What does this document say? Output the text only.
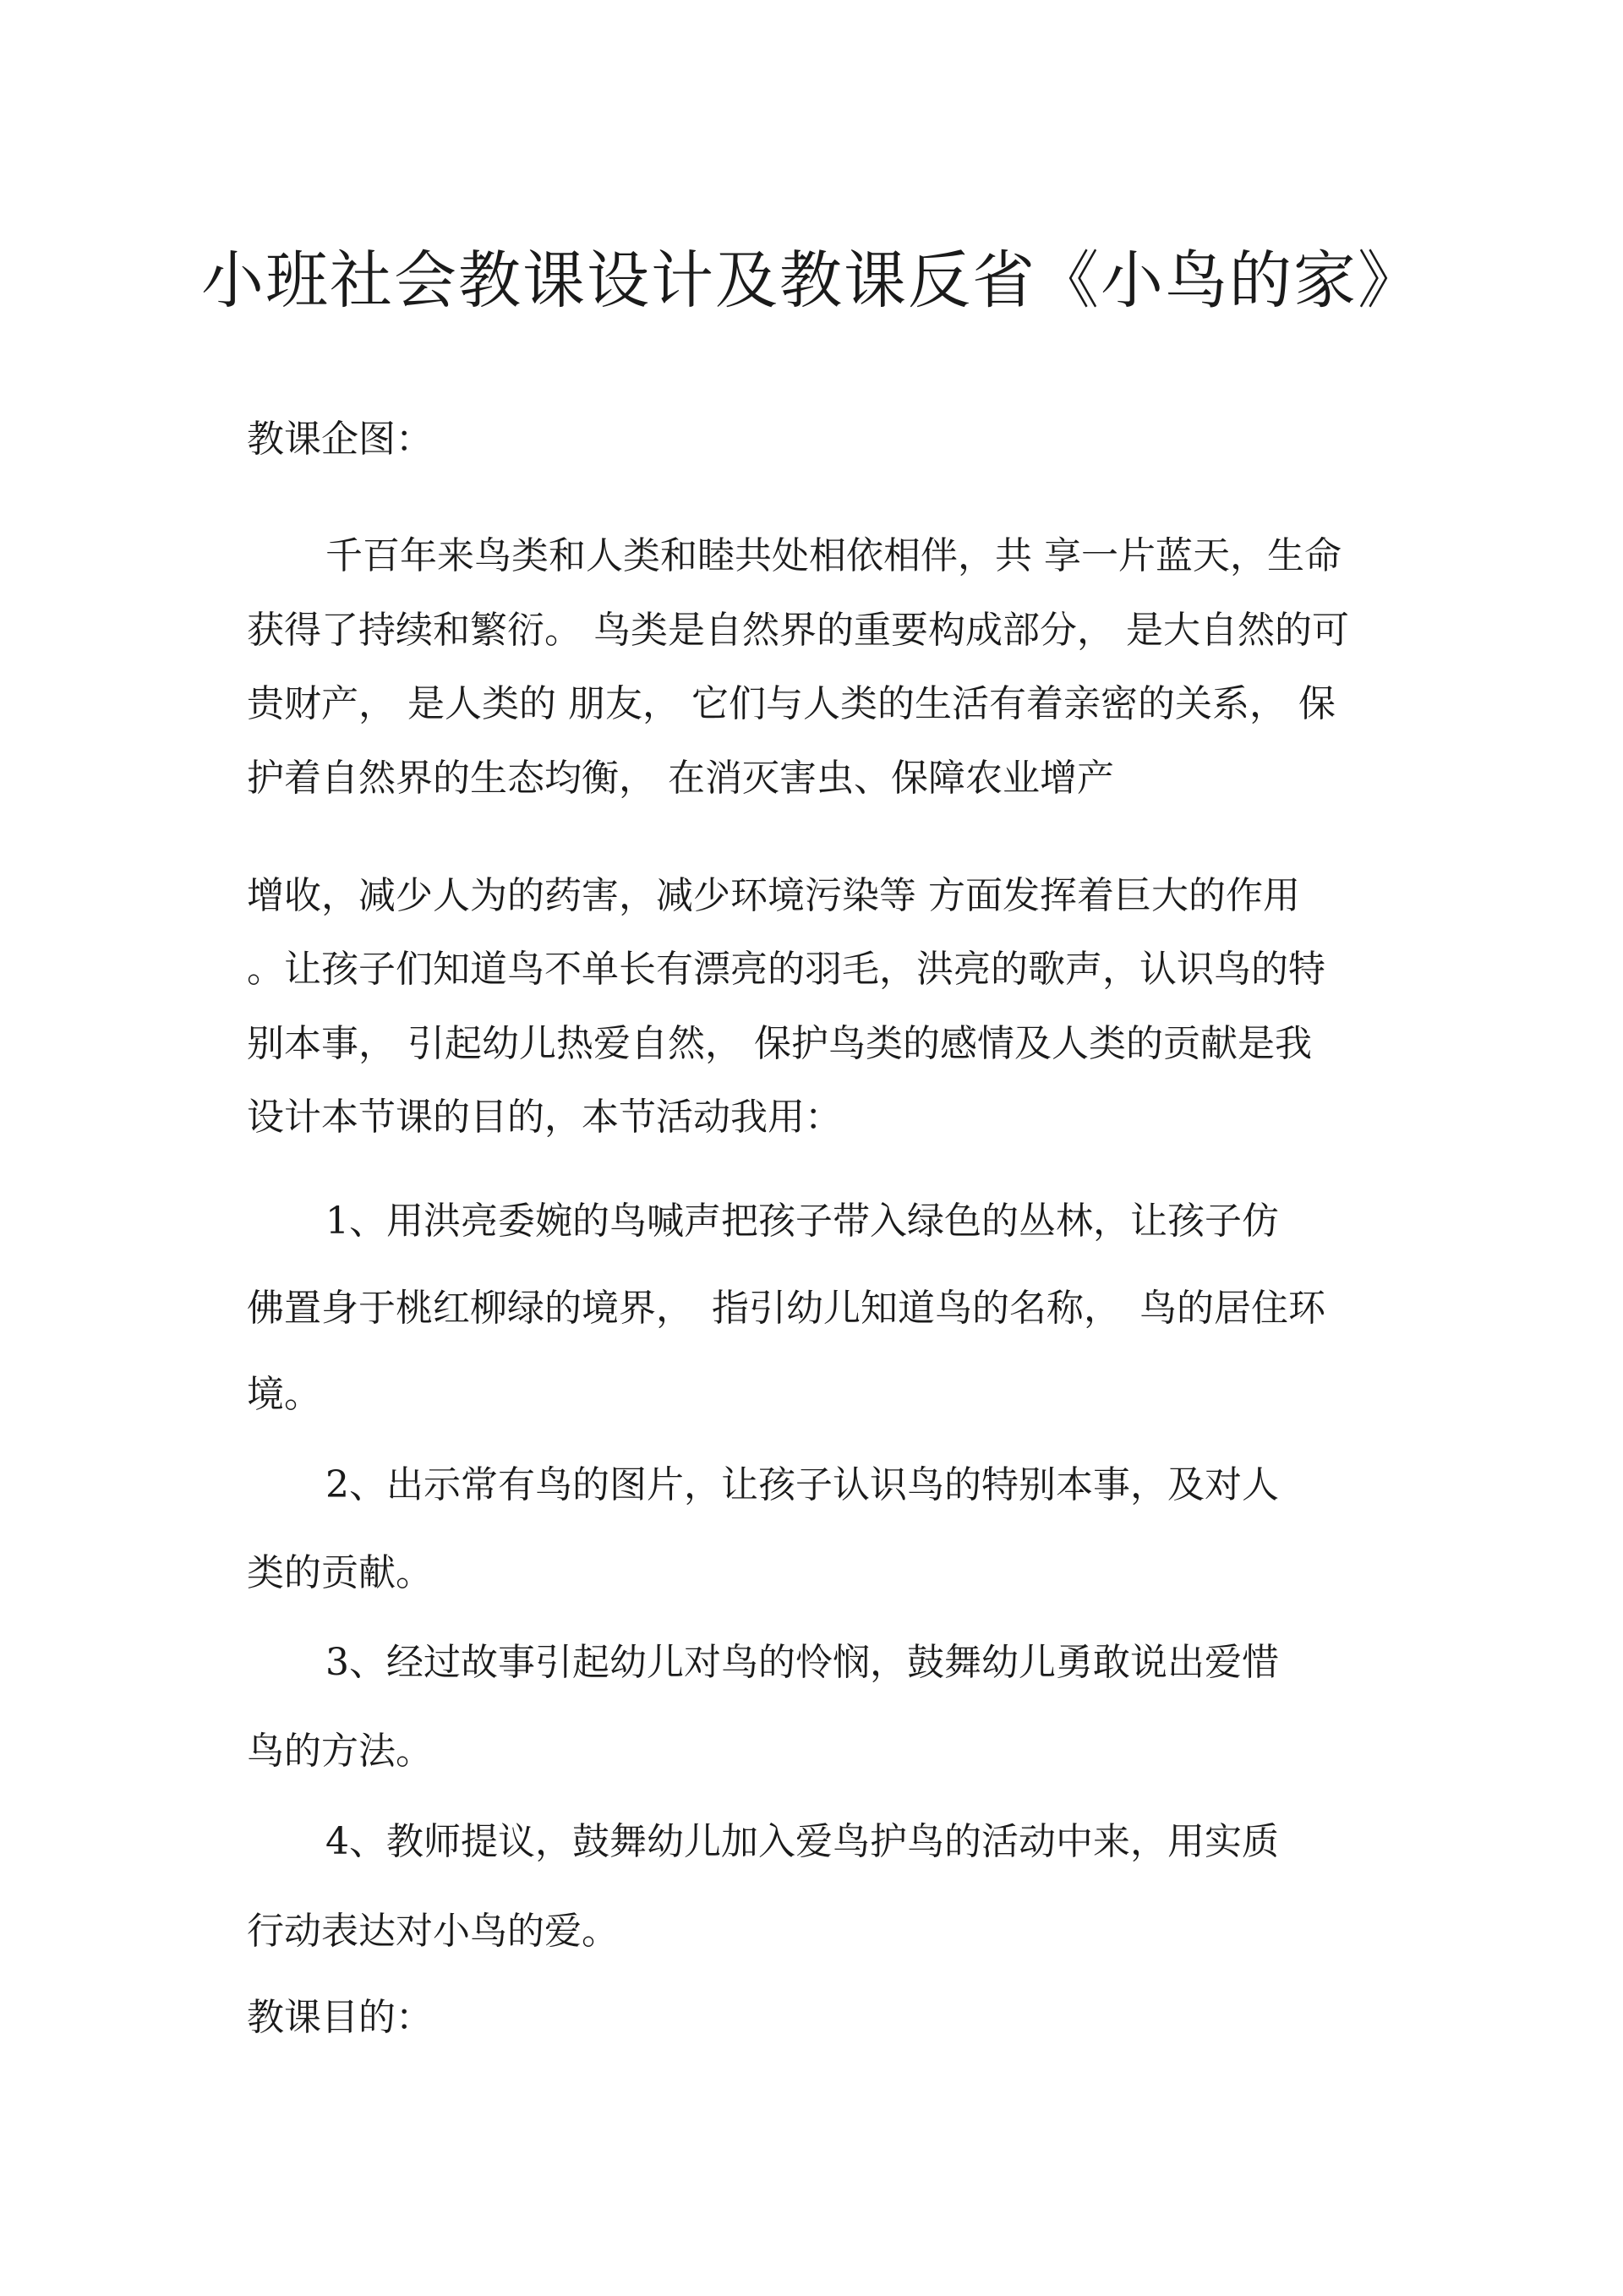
小班社会教课设计及教课反省《小鸟的家》
教课企图：
千百年来鸟类和人类和睦共处相依相伴，共 享一片蓝天，生命
获得了持续和繁衍。 鸟类是自然界的重要构成部分， 是大自然的可
贵财产， 是人类的 朋友， 它们与人类的生活有着亲密的关系， 保
护着自然界的生态均衡， 在消灭害虫、保障农业增产
增收，减少人为的药害，减少环境污染等 方面发挥着巨大的作用
。让孩子们知道鸟不单长有漂亮的羽毛，洪亮的歌声，认识鸟的特
别本事， 引起幼儿热爱自然， 保护鸟类的感情及人类的贡献是我
设计本节课的目的，本节活动我用：
1、用洪亮委婉的鸟喊声把孩子带入绿色的丛林，让孩子仿
佛置身于桃红柳绿的境界，　指引幼儿知道鸟的名称，　鸟的居住环
境。
2、出示常有鸟的图片，让孩子认识鸟的特别本事，及对人
类的贡献。
3、经过故事引起幼儿对鸟的怜悯，鼓舞幼儿勇敢说出爱惜
鸟的方法。
4、教师提议，鼓舞幼儿加入爱鸟护鸟的活动中来，用实质
行动表达对小鸟的爱。
教课目的：
